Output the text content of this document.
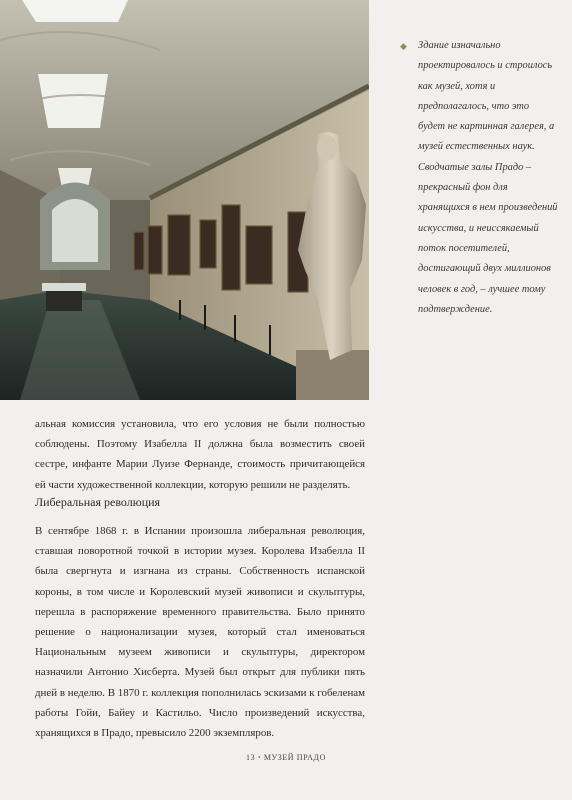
◆ Здание изначально проектировалось и строилось как музей, хотя и предполагалось, что это будет не картинная галерея, а музей естественных наук. Сводчатые залы Прадо – прекрасный фон для хранящихся в нем произведений искусства, и неиссякаемый поток посетителей, достигающий двух миллионов человек в год, – лучшее тому подтверждение.
альная комиссия установила, что его условия не были полностью соблюдены. Поэтому Изабелла II должна была возместить своей сестре, инфанте Марии Луизе Фернанде, стоимость причитающейся ей части художественной коллекции, которую решили не разделять.
Либеральная революция
В сентябре 1868 г. в Испании произошла либеральная революция, ставшая поворотной точкой в истории музея. Королева Изабелла II была свергнута и изгнана из страны. Собственность испанской короны, в том числе и Королевский музей живописи и скульптуры, перешла в распоряжение временного правительства. Было принято решение о национализации музея, который стал именоваться Национальным музеем живописи и скульптуры, директором назначили Антонио Хисберта. Музей был открыт для публики пять дней в неделю. В 1870 г. коллекция пополнилась эскизами к гобеленам работы Гойи, Байеу и Кастильо. Число произведений искусства, хранящихся в Прадо, превысило 2200 экземпляров.
13 • МУЗЕЙ ПРАДО
